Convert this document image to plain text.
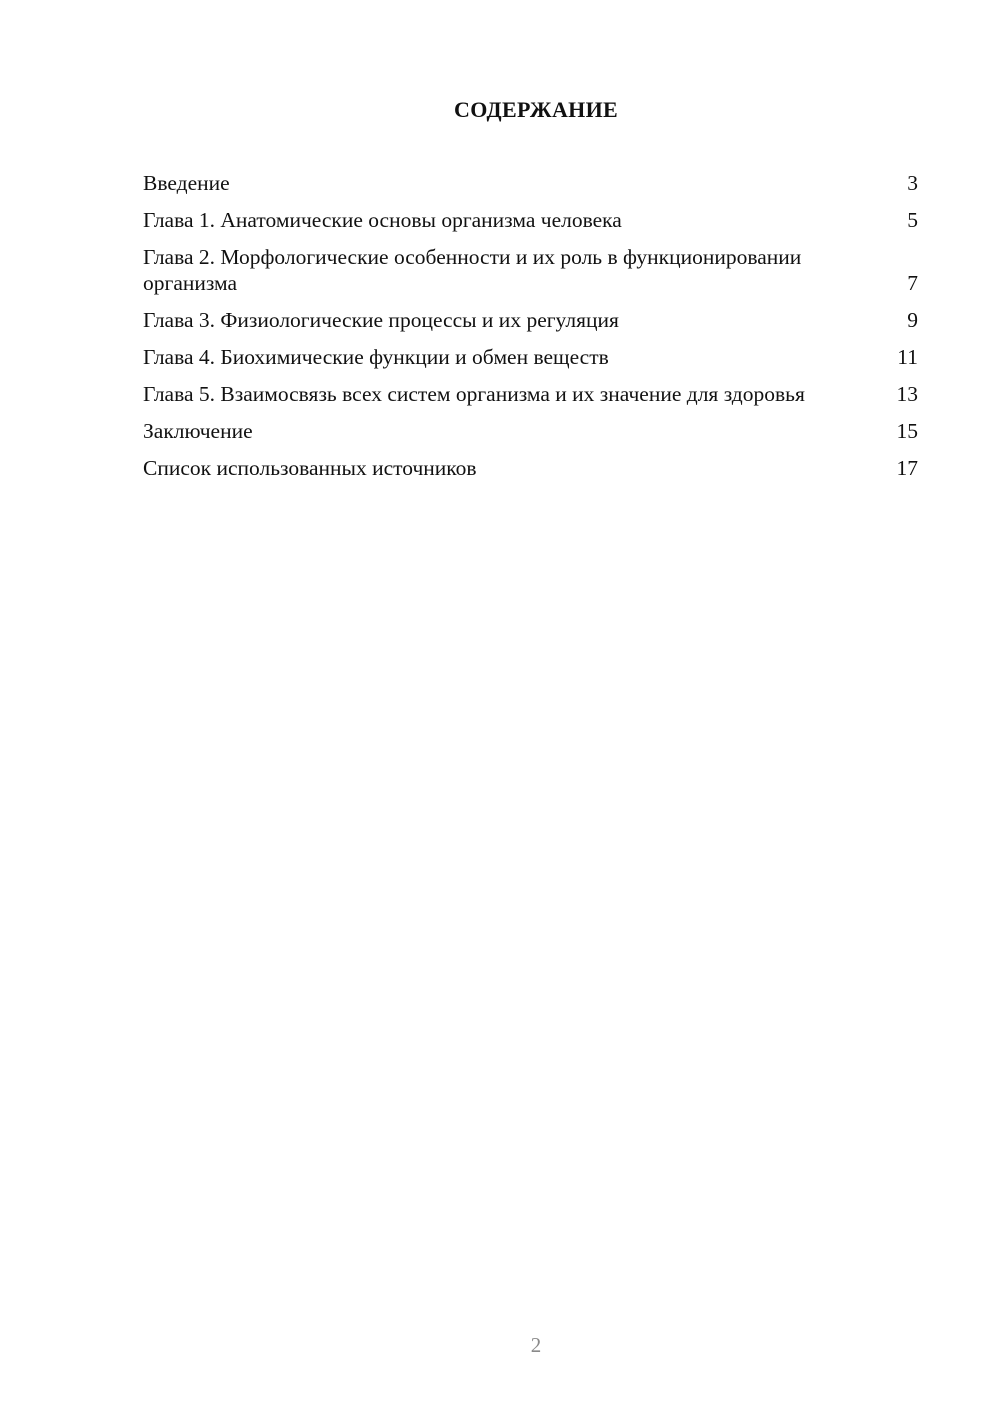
СОДЕРЖАНИЕ
Введение	3
Глава 1. Анатомические основы организма человека	5
Глава 2. Морфологические особенности и их роль в функционировании организма	7
Глава 3. Физиологические процессы и их регуляция	9
Глава 4. Биохимические функции и обмен веществ	11
Глава 5. Взаимосвязь всех систем организма и их значение для здоровья	13
Заключение	15
Список использованных источников	17
2
